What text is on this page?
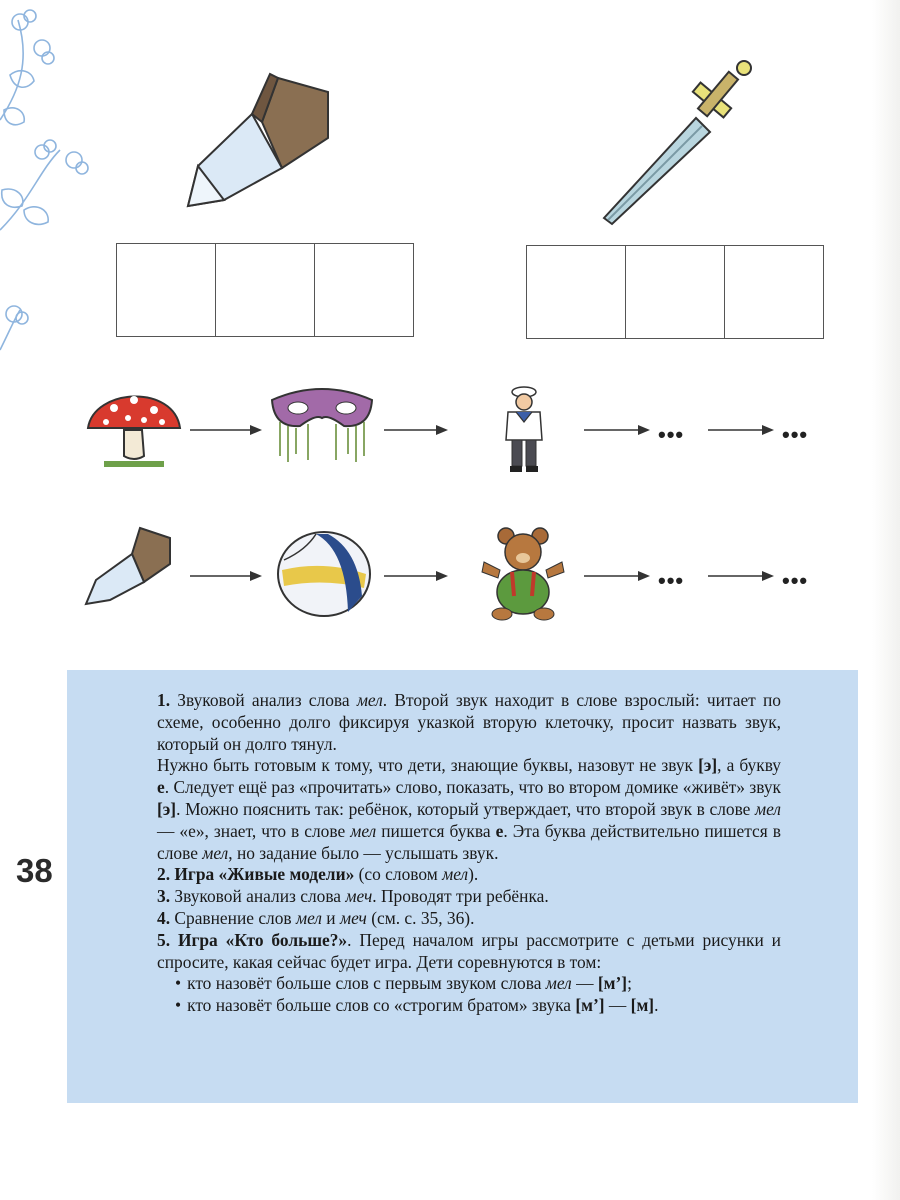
•••	•••
•••	•••
38

1. Звуковой анализ слова мел. Второй звук находит в слове взрослый: читает по схеме, особенно долго фиксируя указкой вторую клеточку, просит назвать звук, который он долго тянул.

Нужно быть готовым к тому, что дети, знающие буквы, назовут не звук [э], а букву е. Следует ещё раз «прочитать» слово, показать, что во втором домике «живёт» звук [э]. Можно пояснить так: ребёнок, который утверждает, что второй звук в слове мел — «е», знает, что в слове мел пишется буква е. Эта буква действительно пишется в слове мел, но задание было — услышать звук.

2. Игра «Живые модели» (со словом мел).

3. Звуковой анализ слова меч. Проводят три ребёнка.

4. Сравнение слов мел и меч (см. с. 35, 36).

5. Игра «Кто больше?». Перед началом игры рассмотрите с детьми рисунки и спросите, какая сейчас будет игра. Дети соревнуются в том:

• кто назовёт больше слов с первым звуком слова мел — [м’];
• кто назовёт больше слов со «строгим братом» звука [м’] — [м].
